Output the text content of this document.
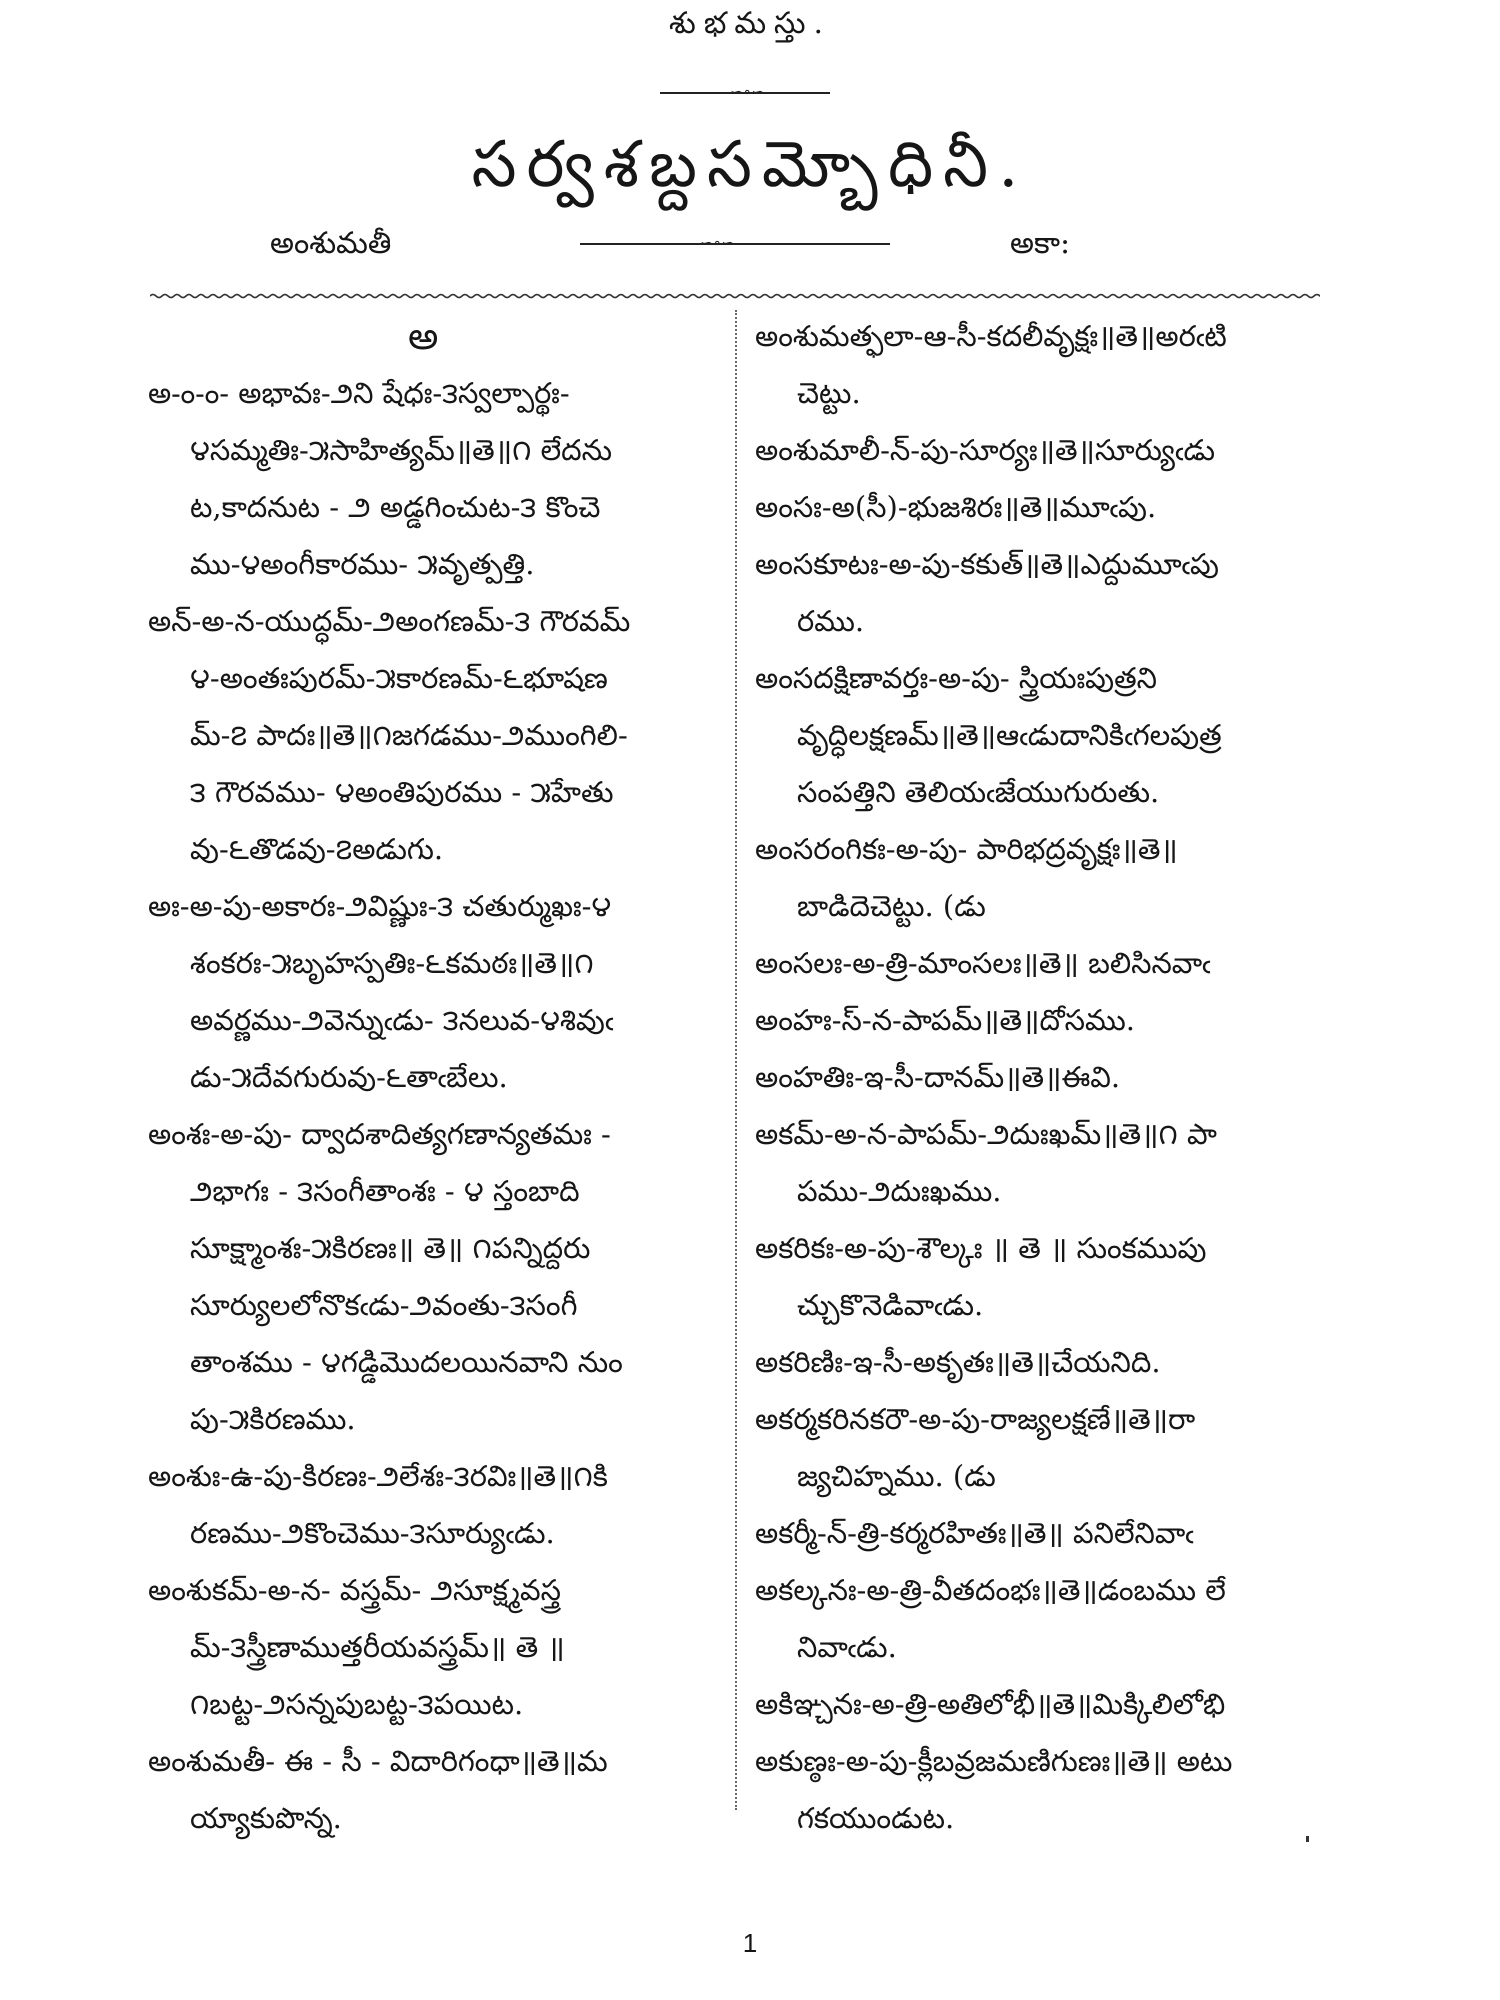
శుభమస్తు.
∽∘∽
సర్వశబ్దసమ్బోధినీ.
అంశుమతీ	∽∘∽	అకా:
అ
అ-ం-ం- అభావః-౨ని షేధః-౩స్వల్పార్థః-
౪సమ్మతిః-౫సాహిత్యమ్॥తె॥౧ లేదను
ట,కాదనుట - ౨ అడ్డగించుట-౩ కొంచె
ము-౪అంగీకారము- ౫వృత్పత్తి.
అన్-అ-న-యుద్ధమ్-౨అంగణమ్-౩ గౌరవమ్
౪-అంతఃపురమ్-౫కారణమ్-౬భూషణ
మ్-౭ పాదః॥తె॥౧జగడము-౨ముంగిలి-
౩ గౌరవము- ౪అంతిపురము - ౫హేతు
వు-౬తొడవు-౭అడుగు.
అః-అ-పు-అకారః-౨విష్ణుః-౩ చతుర్ముఖః-౪
శంకరః-౫బృహస్పతిః-౬కమఠః॥తె॥౧
అవర్ణము-౨వెన్నుఁడు- ౩నలువ-౪శివుఁ
డు-౫దేవగురువు-౬తాఁబేలు.
అంశః-అ-పు- ద్వాదశాదిత్యగణాన్యతమః -
౨భాగః - ౩సంగీతాంశః - ౪ స్తంబాది
సూక్ష్మాంశః-౫కిరణః॥ తె॥ ౧పన్నిద్దరు
సూర్యులలోనొకఁడు-౨వంతు-౩సంగీ
తాంశము - ౪గడ్డిమొదలయినవాని నుం
పు-౫కిరణము.
అంశుః-ఉ-పు-కిరణః-౨లేశః-౩రవిః॥తె॥౧కి
రణము-౨కొంచెము-౩సూర్యుఁడు.
అంశుకమ్-అ-న- వస్త్రమ్- ౨సూక్ష్మవస్త్ర
మ్-౩స్త్రీణాముత్తరీయవస్త్రమ్॥ తె ॥
౧బట్ట-౨సన్నపుబట్ట-౩పయిట.
అంశుమతీ- ఈ - సీ - విదారిగంధా॥తె॥మ
య్యాకుపొన్న.
అంశుమత్ఫలా-ఆ-సీ-కదలీవృక్షః॥తె॥అరఁటి
చెట్టు.
అంశుమాలీ-న్-పు-సూర్యః॥తె॥సూర్యుఁడు
అంసః-అ(సీ)-భుజశిరః॥తె॥మూఁపు.
అంసకూటః-అ-పు-కకుత్॥తె॥ఎద్దుమూఁపు
రము.
అంసదక్షిణావర్తః-అ-పు- స్త్రియఃపుత్రని
వృద్ధిలక్షణమ్॥తె॥ఆఁడుదానికిఁగలపుత్ర
సంపత్తిని తెలియఁజేయుగురుతు.
అంసరంగికః-అ-పు- పారిభద్రవృక్షః॥తె॥
బాడిదెచెట్టు. (డు
అంసలః-అ-త్రి-మాంసలః॥తె॥ బలిసినవాఁ
అంహః-స్-న-పాపమ్॥తె॥దోసము.
అంహతిః-ఇ-సీ-దానమ్॥తె॥ఈవి.
అకమ్-అ-న-పాపమ్-౨దుఃఖమ్॥తె॥౧ పా
పము-౨దుఃఖము.
అకరికః-అ-పు-శౌల్కః ॥ తె ॥ సుంకముపు
చ్చుకొనెడివాఁడు.
అకరిణిః-ఇ-సీ-అకృతః॥తె॥చేయనిది.
అకర్మకరినకరౌ-అ-పు-రాజ్యలక్షణే॥తె॥రా
జ్యచిహ్నము. (డు
అకర్మీ-న్-త్రి-కర్మరహితః॥తె॥ పనిలేనివాఁ
అకల్కనః-అ-త్రి-వీతదంభః॥తె॥డంబము లే
నివాఁడు.
అకిఞ్చనః-అ-త్రి-అతిలోభీ॥తె॥మిక్కిలిలోభి
అకుణ్ఠః-అ-పు-క్లీబవ్రజమణిగుణః॥తె॥ అటు
గకయుండుట.
1
